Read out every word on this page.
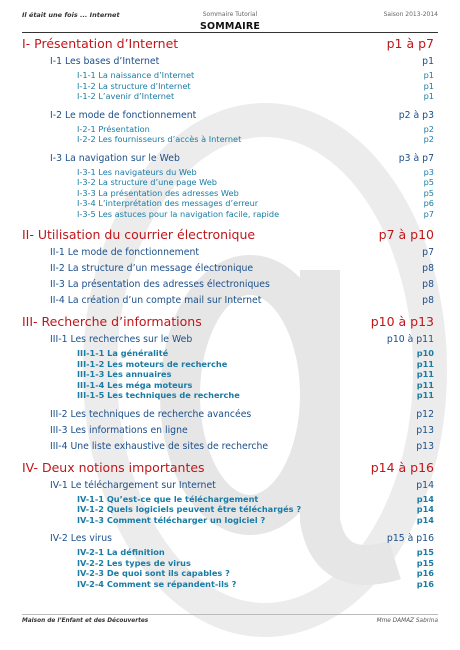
Il était une fois ... Internet	Sommaire Tutorial	Saison 2013-2014
SOMMAIRE
I- Présentation d’Internet	p1 à p7
I-1 Les bases d’Internet	p1
I-1-1 La naissance d’Internet	p1
I-1-2 La structure d’Internet	p1
I-1-2 L’avenir d’Internet	p1
I-2 Le mode de fonctionnement	p2 à p3
I-2-1 Présentation	p2
I-2-2 Les fournisseurs d’accès à Internet	p2
I-3 La navigation sur le Web	p3 à p7
I-3-1 Les navigateurs du Web	p3
I-3-2 La structure d’une page Web	p5
I-3-3 La présentation des adresses Web	p5
I-3-4 L’interprétation des messages d’erreur	p6
I-3-5 Les astuces pour la navigation facile, rapide	p7
II- Utilisation du courrier électronique	p7 à p10
II-1 Le mode de fonctionnement	p7
II-2 La structure d’un message électronique	p8
II-3 La présentation des adresses électroniques	p8
II-4 La création d’un compte mail sur Internet	p8
III- Recherche d’informations	p10 à p13
III-1 Les recherches sur le Web	p10 à p11
III-1-1 La généralité	p10
III-1-2 Les moteurs de recherche	p11
III-1-3 Les annuaires	p11
III-1-4 Les méga moteurs	p11
III-1-5 Les techniques de recherche	p11
III-2 Les techniques de recherche avancées	p12
III-3 Les informations en ligne	p13
III-4 Une liste exhaustive de sites de recherche	p13
IV- Deux notions importantes	p14 à p16
IV-1 Le téléchargement sur Internet	p14
IV-1-1 Qu’est-ce que le téléchargement	p14
IV-1-2 Quels logiciels peuvent être téléchargés ?	p14
IV-1-3 Comment télécharger un logiciel ?	p14
IV-2 Les virus	p15 à p16
IV-2-1 La définition	p15
IV-2-2 Les types de virus	p15
IV-2-3 De quoi sont ils capables ?	p16
IV-2-4 Comment se répandent-ils ?	p16
Maison de l’Enfant et des Découvertes	Mme DAMAZ Sabrina
